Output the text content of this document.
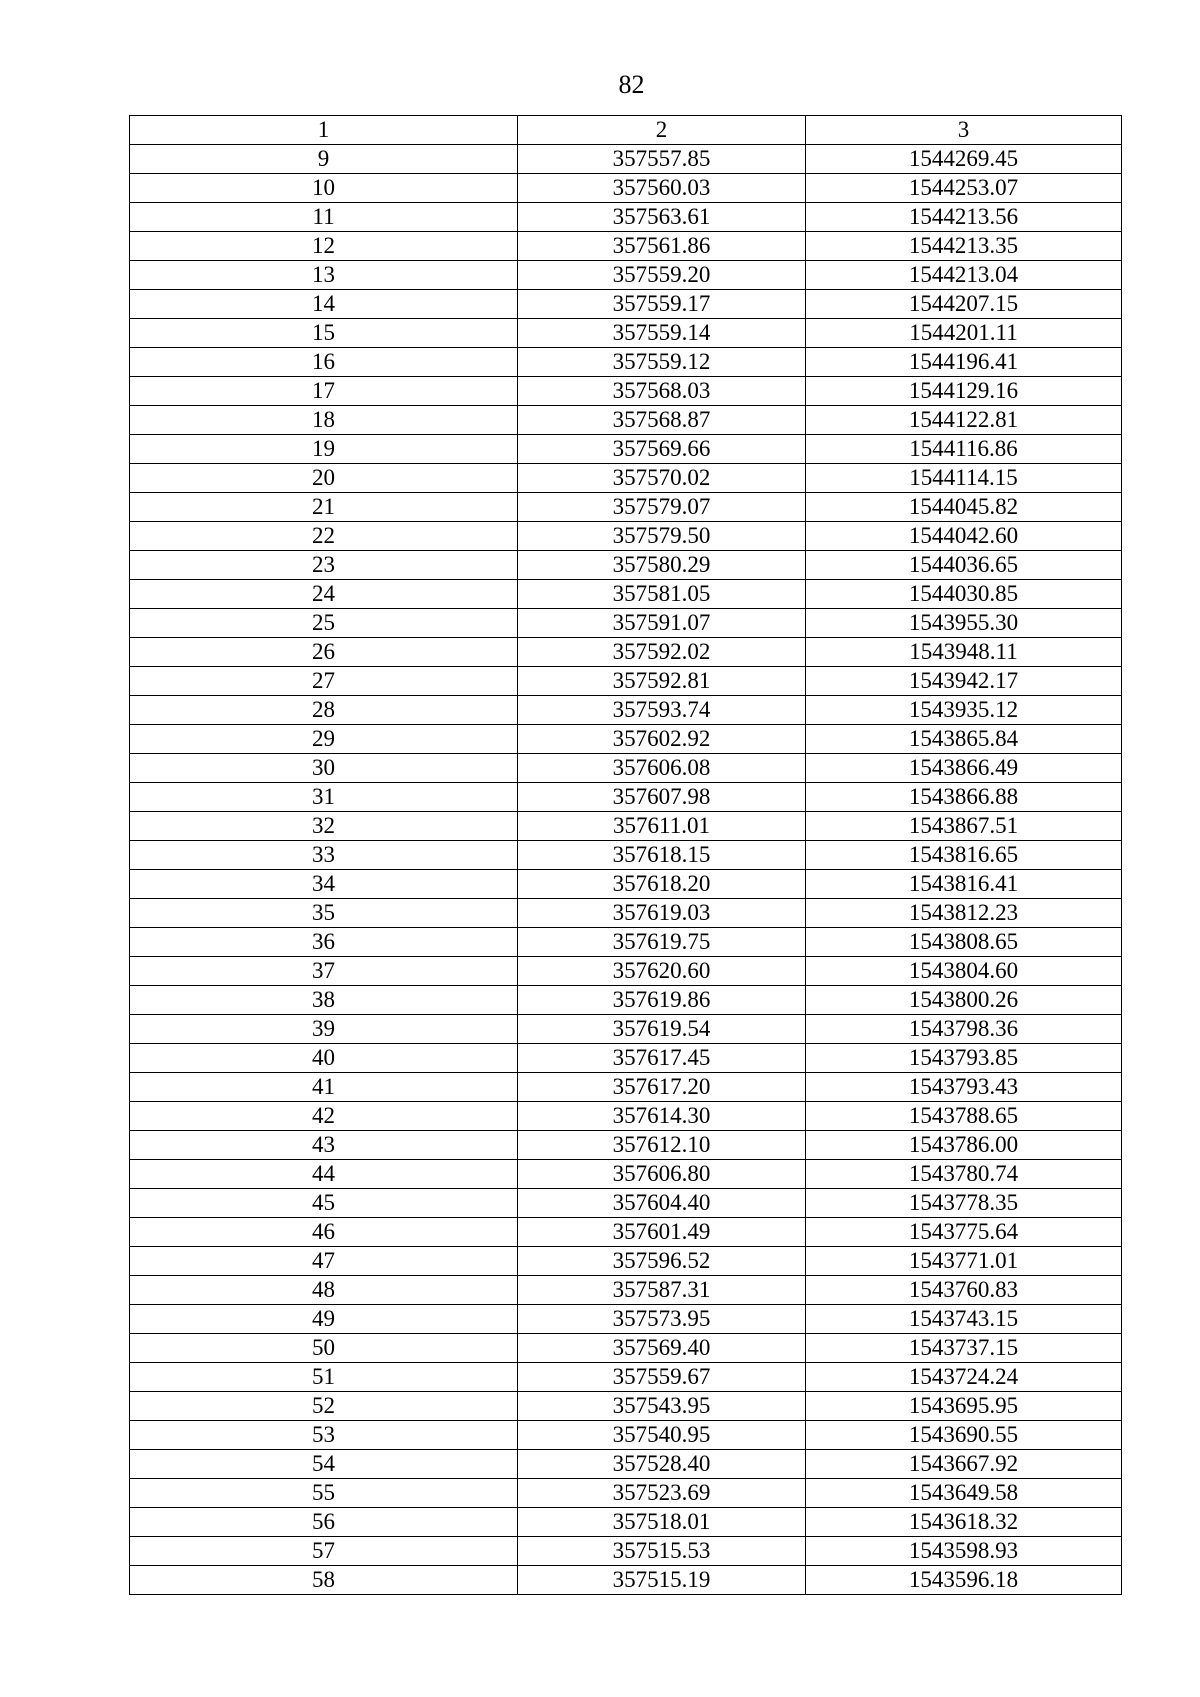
82
1	2	3
9	357557.85	1544269.45
10	357560.03	1544253.07
11	357563.61	1544213.56
12	357561.86	1544213.35
13	357559.20	1544213.04
14	357559.17	1544207.15
15	357559.14	1544201.11
16	357559.12	1544196.41
17	357568.03	1544129.16
18	357568.87	1544122.81
19	357569.66	1544116.86
20	357570.02	1544114.15
21	357579.07	1544045.82
22	357579.50	1544042.60
23	357580.29	1544036.65
24	357581.05	1544030.85
25	357591.07	1543955.30
26	357592.02	1543948.11
27	357592.81	1543942.17
28	357593.74	1543935.12
29	357602.92	1543865.84
30	357606.08	1543866.49
31	357607.98	1543866.88
32	357611.01	1543867.51
33	357618.15	1543816.65
34	357618.20	1543816.41
35	357619.03	1543812.23
36	357619.75	1543808.65
37	357620.60	1543804.60
38	357619.86	1543800.26
39	357619.54	1543798.36
40	357617.45	1543793.85
41	357617.20	1543793.43
42	357614.30	1543788.65
43	357612.10	1543786.00
44	357606.80	1543780.74
45	357604.40	1543778.35
46	357601.49	1543775.64
47	357596.52	1543771.01
48	357587.31	1543760.83
49	357573.95	1543743.15
50	357569.40	1543737.15
51	357559.67	1543724.24
52	357543.95	1543695.95
53	357540.95	1543690.55
54	357528.40	1543667.92
55	357523.69	1543649.58
56	357518.01	1543618.32
57	357515.53	1543598.93
58	357515.19	1543596.18
